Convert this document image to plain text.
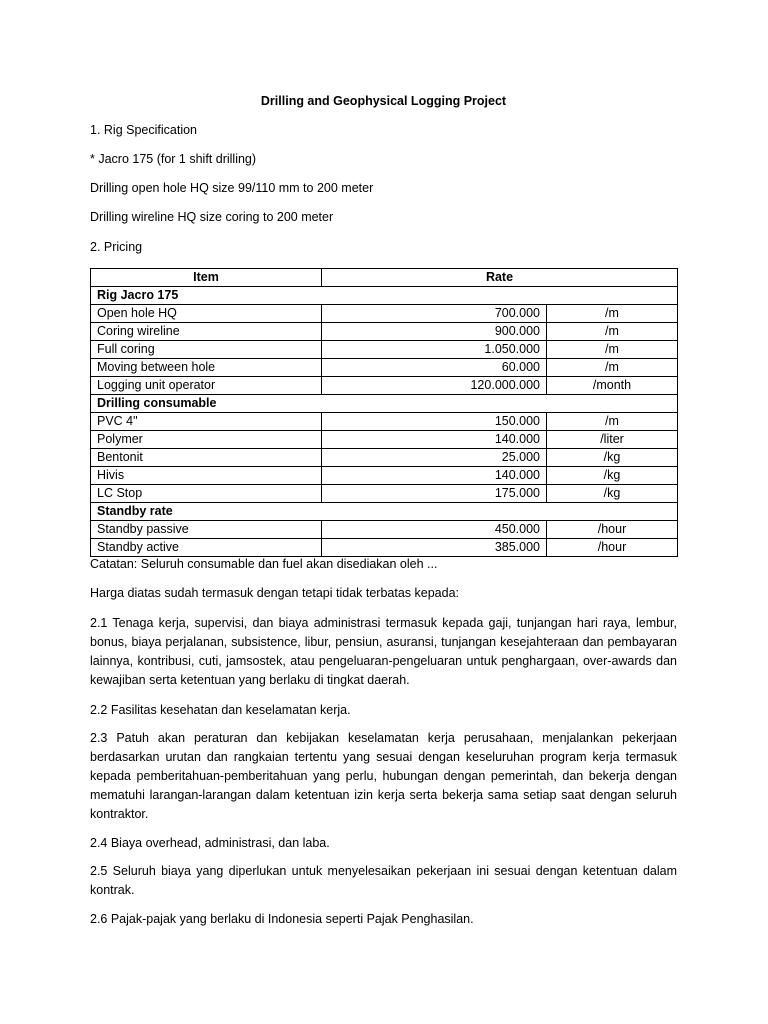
Drilling and Geophysical Logging Project
1. Rig Specification
* Jacro 175 (for 1 shift drilling)
Drilling open hole HQ size 99/110 mm to 200 meter
Drilling wireline HQ size coring to 200 meter
2. Pricing
Item	Rate	
Rig Jacro 175		
Open hole HQ	700.000	/m
Coring wireline	900.000	/m
Full coring	1.050.000	/m
Moving between hole	60.000	/m
Logging unit operator	120.000.000	/month
Drilling consumable		
PVC 4"	150.000	/m
Polymer	140.000	/liter
Bentonit	25.000	/kg
Hivis	140.000	/kg
LC Stop	175.000	/kg
Standby rate		
Standby passive	450.000	/hour
Standby active	385.000	/hour
Catatan: Seluruh consumable dan fuel akan disediakan oleh ...
Harga diatas sudah termasuk dengan tetapi tidak terbatas kepada:
2.1 Tenaga kerja, supervisi, dan biaya administrasi termasuk kepada gaji, tunjangan hari raya, lembur, bonus, biaya perjalanan, subsistence, libur, pensiun, asuransi, tunjangan kesejahteraan dan pembayaran lainnya, kontribusi, cuti, jamsostek, atau pengeluaran-pengeluaran untuk penghargaan, over-awards dan kewajiban serta ketentuan yang berlaku di tingkat daerah.
2.2 Fasilitas kesehatan dan keselamatan kerja.
2.3 Patuh akan peraturan dan kebijakan keselamatan kerja perusahaan, menjalankan pekerjaan berdasarkan urutan dan rangkaian tertentu yang sesuai dengan keseluruhan program kerja termasuk kepada pemberitahuan-pemberitahuan yang perlu, hubungan dengan pemerintah, dan bekerja dengan mematuhi larangan-larangan dalam ketentuan izin kerja serta bekerja sama setiap saat dengan seluruh kontraktor.
2.4 Biaya overhead, administrasi, dan laba.
2.5 Seluruh biaya yang diperlukan untuk menyelesaikan pekerjaan ini sesuai dengan ketentuan dalam kontrak.
2.6 Pajak-pajak yang berlaku di Indonesia seperti Pajak Penghasilan.
